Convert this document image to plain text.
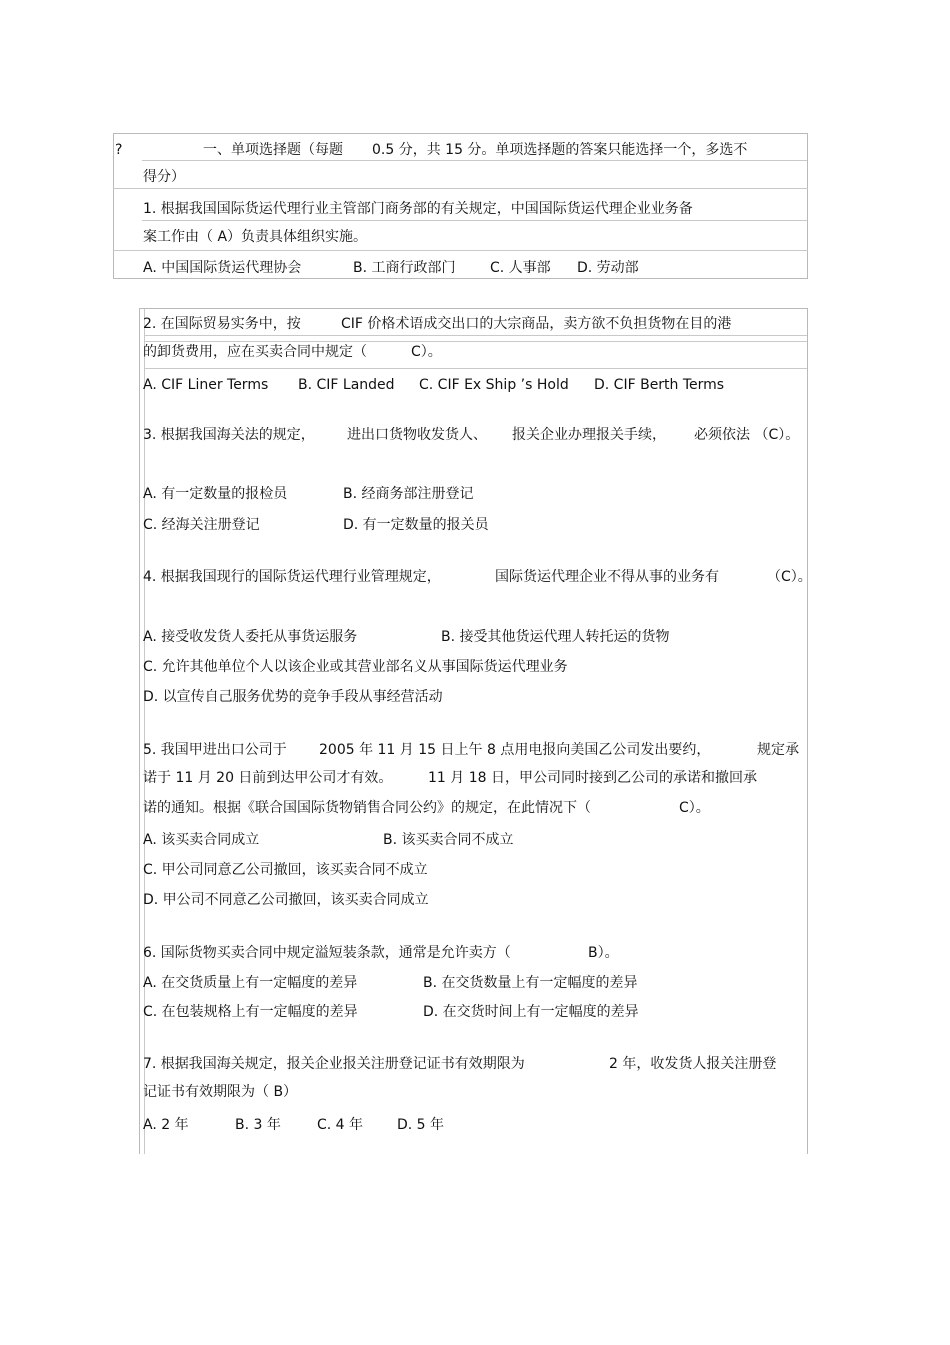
?	一、单项选择题（每题 0.5 分，共 15 分。单项选择题的答案只能选择一个，多选不
得分）
1. 根据我国国际货运代理行业主管部门商务部的有关规定，中国国际货运代理企业业务备
案工作由（ A）负责具体组织实施。
A. 中国国际货运代理协会	B. 工商行政部门 C. 人事部 D. 劳动部
2. 在国际贸易实务中，按	CIF 价格术语成交出口的大宗商品，卖方欲不负担货物在目的港
的卸货费用，应在买卖合同中规定（	C）。
A. CIF Liner Terms B. CIF Landed C. CIF Ex Ship ’s Hold D. CIF Berth Terms
3. 根据我国海关法的规定， 进出口货物收发货人、 报关企业办理报关手续， 必须依法 （C）。
A. 有一定数量的报检员	B. 经商务部注册登记
C. 经海关注册登记	D. 有一定数量的报关员
4. 根据我国现行的国际货运代理行业管理规定，	国际货运代理企业不得从事的业务有	（C）。
A. 接受收发货人委托从事货运服务	B. 接受其他货运代理人转托运的货物
C. 允许其他单位个人以该企业或其营业部名义从事国际货运代理业务
D. 以宣传自己服务优势的竞争手段从事经营活动
5. 我国甲进出口公司于 2005 年 11 月 15 日上午 8 点用电报向美国乙公司发出要约，	规定承
诺于 11 月 20 日前到达甲公司才有效。	11 月 18 日，甲公司同时接到乙公司的承诺和撤回承
诺的通知。根据《联合国国际货物销售合同公约》的规定，在此情况下（	C）。
A. 该买卖合同成立	B. 该买卖合同不成立
C. 甲公司同意乙公司撤回，该买卖合同不成立
D. 甲公司不同意乙公司撤回，该买卖合同成立
6. 国际货物买卖合同中规定溢短装条款，通常是允许卖方（	B）。
A. 在交货质量上有一定幅度的差异	B. 在交货数量上有一定幅度的差异
C. 在包装规格上有一定幅度的差异	D. 在交货时间上有一定幅度的差异
7. 根据我国海关规定，报关企业报关注册登记证书有效期限为	2 年，收发货人报关注册登
记证书有效期限为（ B）
A. 2 年	B. 3 年	C. 4 年 D. 5 年
